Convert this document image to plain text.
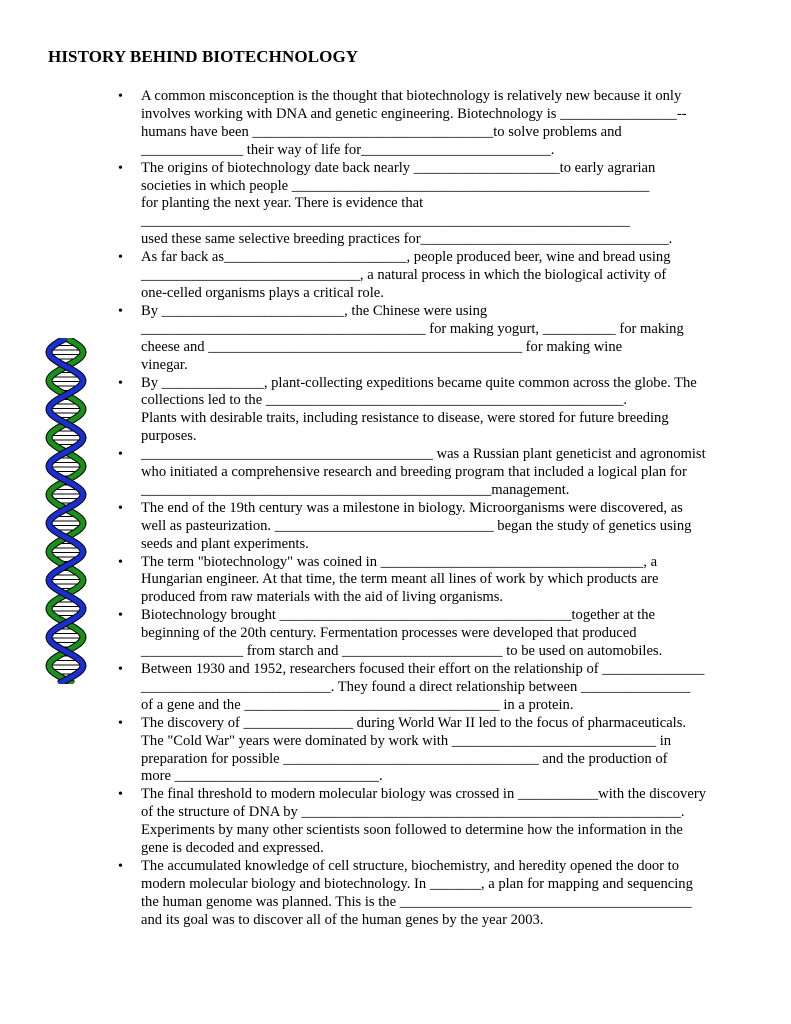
HISTORY BEHIND BIOTECHNOLOGY
• A common misconception is the thought that biotechnology is relatively new because it only
involves working with DNA and genetic engineering. Biotechnology is ________________--
humans have been _________________________________to solve problems and
______________ their way of life for__________________________.
• The origins of biotechnology date back nearly ____________________to early agrarian
societies in which people _________________________________________________
for planting the next year. There is evidence that
___________________________________________________________________
used these same selective breeding practices for__________________________________.
• As far back as_________________________, people produced beer, wine and bread using
______________________________, a natural process in which the biological activity of
one-celled organisms plays a critical role.
• By _________________________, the Chinese were using
_______________________________________ for making yogurt, __________ for making
cheese and ___________________________________________ for making wine
vinegar.
• By ______________, plant-collecting expeditions became quite common across the globe. The
collections led to the _________________________________________________.
Plants with desirable traits, including resistance to disease, were stored for future breeding
purposes.
• ________________________________________ was a Russian plant geneticist and agronomist
who initiated a comprehensive research and breeding program that included a logical plan for
________________________________________________management.
• The end of the 19th century was a milestone in biology. Microorganisms were discovered, as
well as pasteurization. ______________________________ began the study of genetics using
seeds and plant experiments.
• The term "biotechnology" was coined in ____________________________________, a
Hungarian engineer. At that time, the term meant all lines of work by which products are
produced from raw materials with the aid of living organisms.
• Biotechnology brought ________________________________________together at the
beginning of the 20th century. Fermentation processes were developed that produced
______________ from starch and ______________________ to be used on automobiles.
• Between 1930 and 1952, researchers focused their effort on the relationship of ______________
__________________________. They found a direct relationship between _______________
of a gene and the ___________________________________ in a protein.
• The discovery of _______________ during World War II led to the focus of pharmaceuticals.
The "Cold War" years were dominated by work with ____________________________ in
preparation for possible ___________________________________ and the production of
more ____________________________.
• The final threshold to modern molecular biology was crossed in ___________with the discovery
of the structure of DNA by ____________________________________________________.
Experiments by many other scientists soon followed to determine how the information in the
gene is decoded and expressed.
• The accumulated knowledge of cell structure, biochemistry, and heredity opened the door to
modern molecular biology and biotechnology. In _______, a plan for mapping and sequencing
the human genome was planned. This is the ________________________________________
and its goal was to discover all of the human genes by the year 2003.
